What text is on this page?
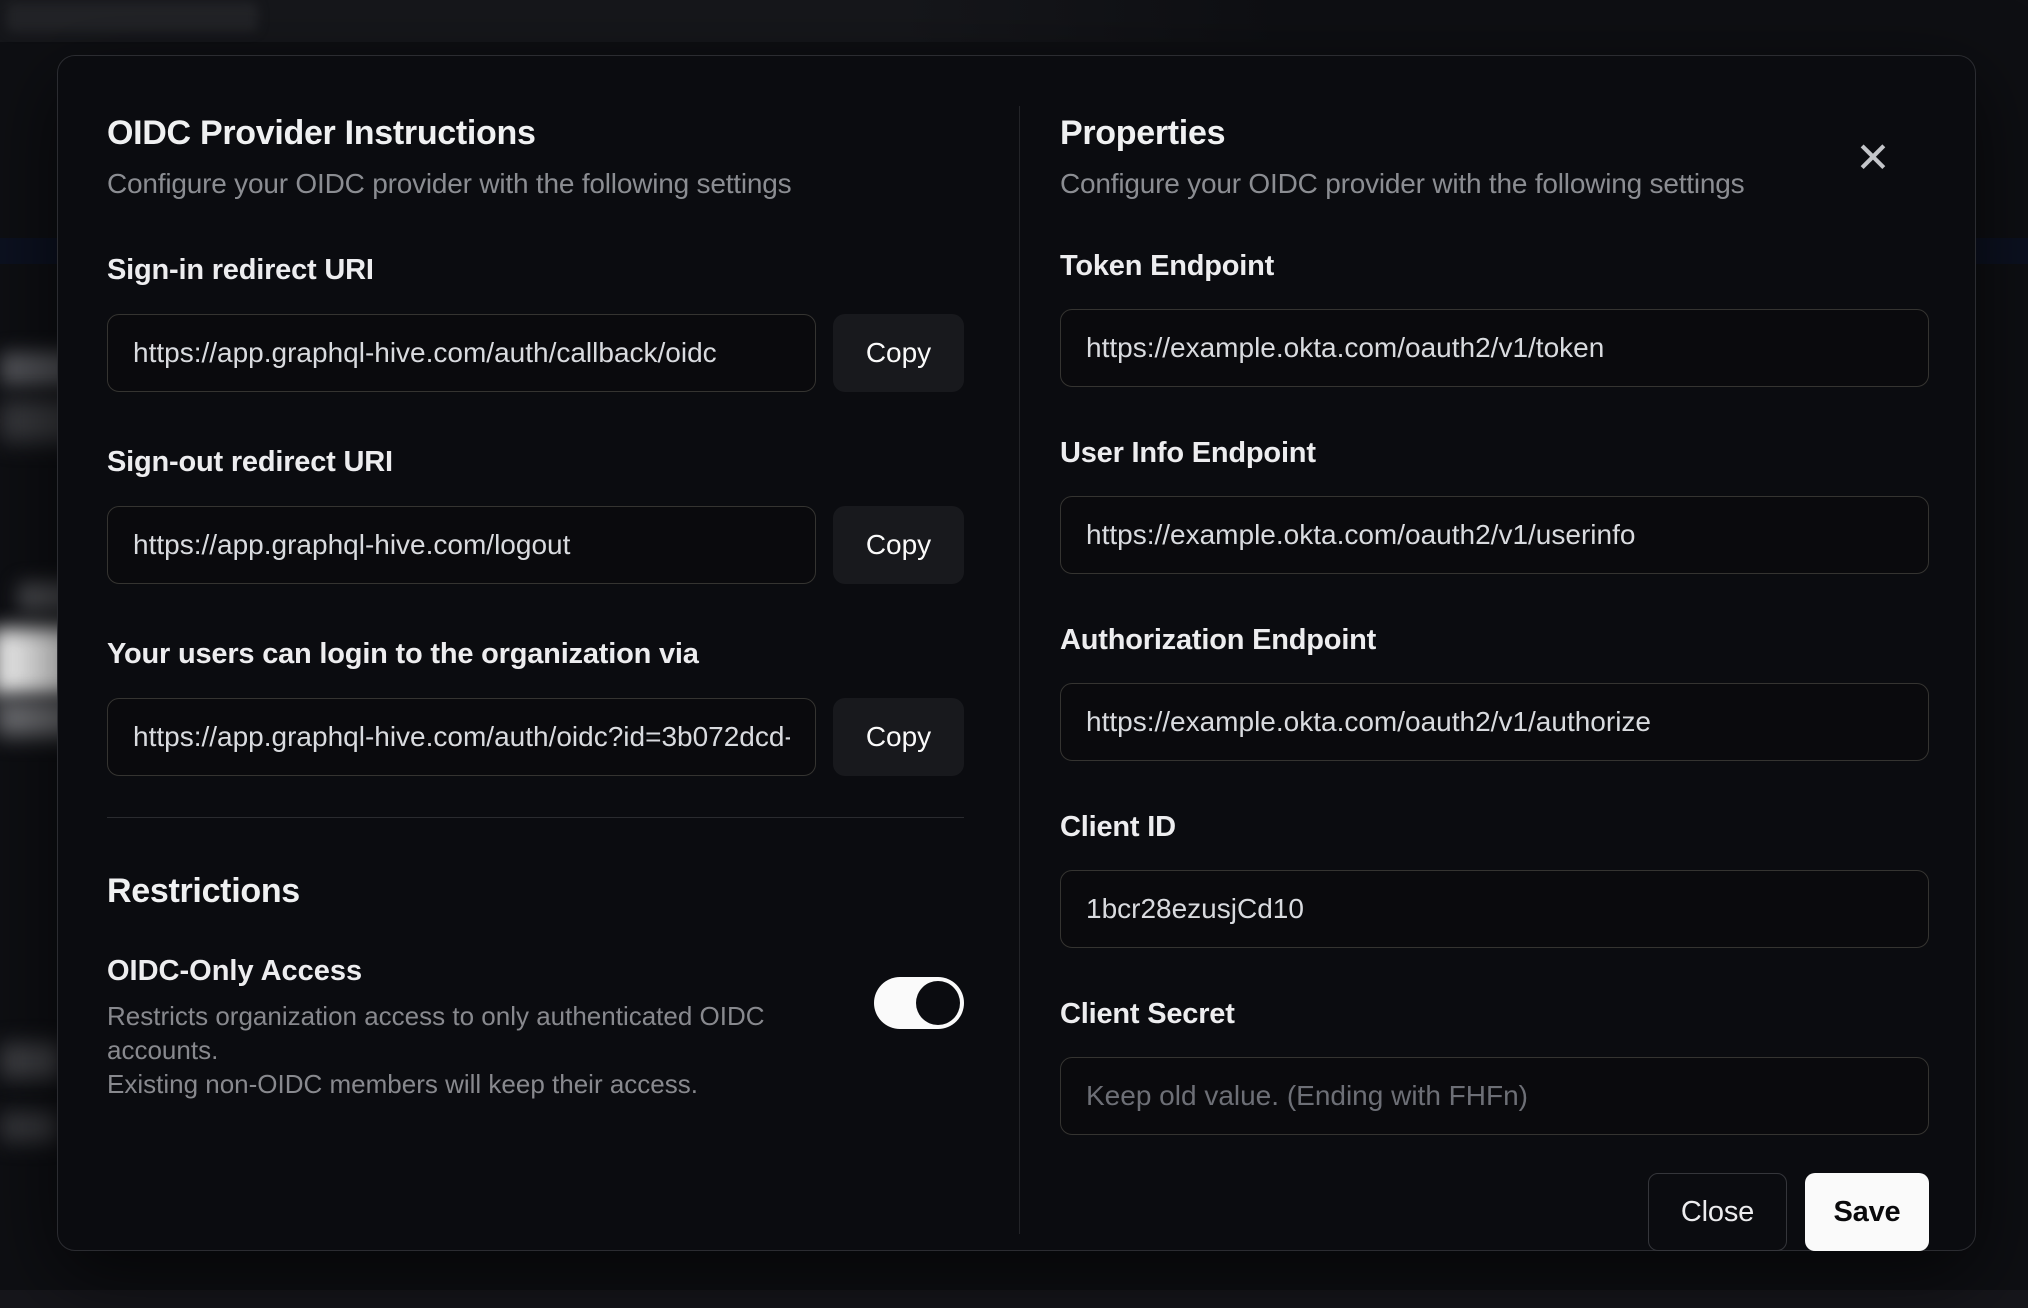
OIDC Provider Instructions
Configure your OIDC provider with the following settings
Sign-in redirect URI
https://app.graphql-hive.com/auth/callback/oidc
Copy
Sign-out redirect URI
https://app.graphql-hive.com/logout
Copy
Your users can login to the organization via
https://app.graphql-hive.com/auth/oidc?id=3b072dcd-4
Copy
Restrictions
OIDC-Only Access
Restricts organization access to only authenticated OIDC accounts.
Existing non-OIDC members will keep their access.
Properties
Configure your OIDC provider with the following settings
Token Endpoint
https://example.okta.com/oauth2/v1/token
User Info Endpoint
https://example.okta.com/oauth2/v1/userinfo
Authorization Endpoint
https://example.okta.com/oauth2/v1/authorize
Client ID
1bcr28ezusjCd10
Client Secret
Keep old value. (Ending with FHFn)
Close	Save
✕
